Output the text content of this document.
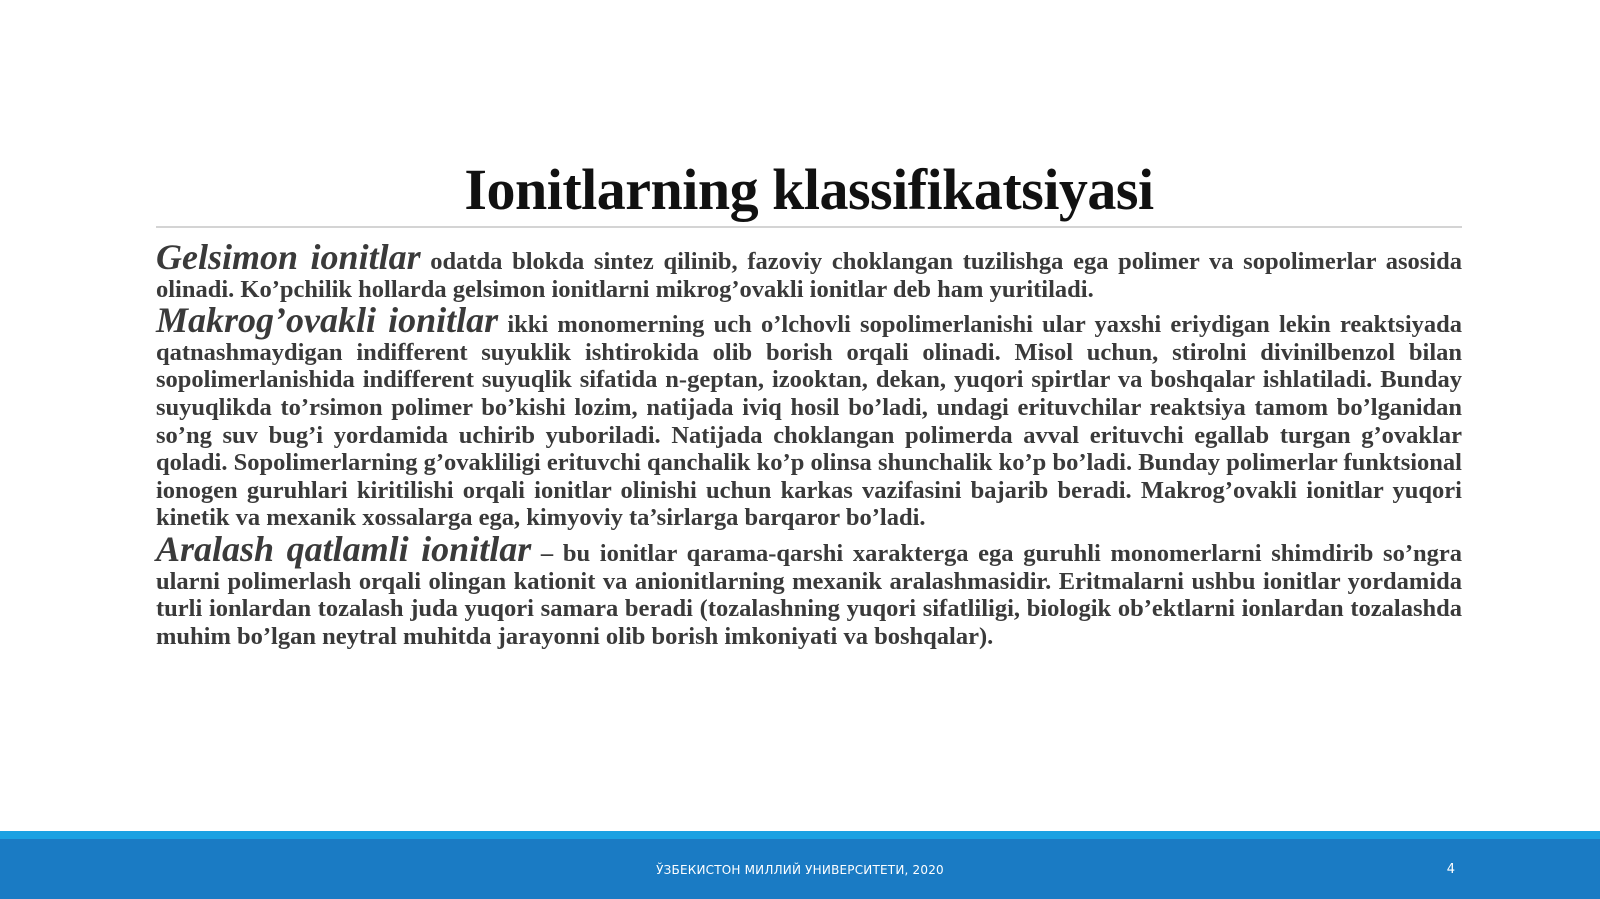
Ionitlarning klassifikatsiyasi

Gelsimon ionitlar odatda blokda sintez qilinib, fazoviy choklangan tuzilishga ega polimer va sopolimerlar asosida olinadi. Ko’pchilik hollarda gelsimon ionitlarni mikrog’ovakli ionitlar deb ham yuritiladi.

Makrog’ovakli ionitlar ikki monomerning uch o’lchovli sopolimerlanishi ular yaxshi eriydigan lekin reaktsiyada qatnashmaydigan indifferent suyuklik ishtirokida olib borish orqali olinadi. Misol uchun, stirolni divinilbenzol bilan sopolimerlanishida indifferent suyuqlik sifatida n-geptan, izooktan, dekan, yuqori spirtlar va boshqalar ishlatiladi. Bunday suyuqlikda to’rsimon polimer bo’kishi lozim, natijada iviq hosil bo’ladi, undagi erituvchilar reaktsiya tamom bo’lganidan so’ng suv bug’i yordamida uchirib yuboriladi. Natijada choklangan polimerda avval erituvchi egallab turgan g’ovaklar qoladi. Sopolimerlarning g’ovakliligi erituvchi qanchalik ko’p olinsa shunchalik ko’p bo’ladi. Bunday polimerlar funktsional ionogen guruhlari kiritilishi orqali ionitlar olinishi uchun karkas vazifasini bajarib beradi. Makrog’ovakli ionitlar yuqori kinetik va mexanik xossalarga ega, kimyoviy ta’sirlarga barqaror bo’ladi.

Aralash qatlamli ionitlar – bu ionitlar qarama-qarshi xarakterga ega guruhli monomerlarni shimdirib so’ngra ularni polimerlash orqali olingan kationit va anionitlarning mexanik aralashmasidir. Eritmalarni ushbu ionitlar yordamida turli ionlardan tozalash juda yuqori samara beradi (tozalashning yuqori sifatliligi, biologik ob’ektlarni ionlardan tozalashda muhim bo’lgan neytral muhitda jarayonni olib borish imkoniyati va boshqalar).

ЎЗБЕКИСТОН МИЛЛИЙ УНИВЕРСИТЕТИ, 2020	4
